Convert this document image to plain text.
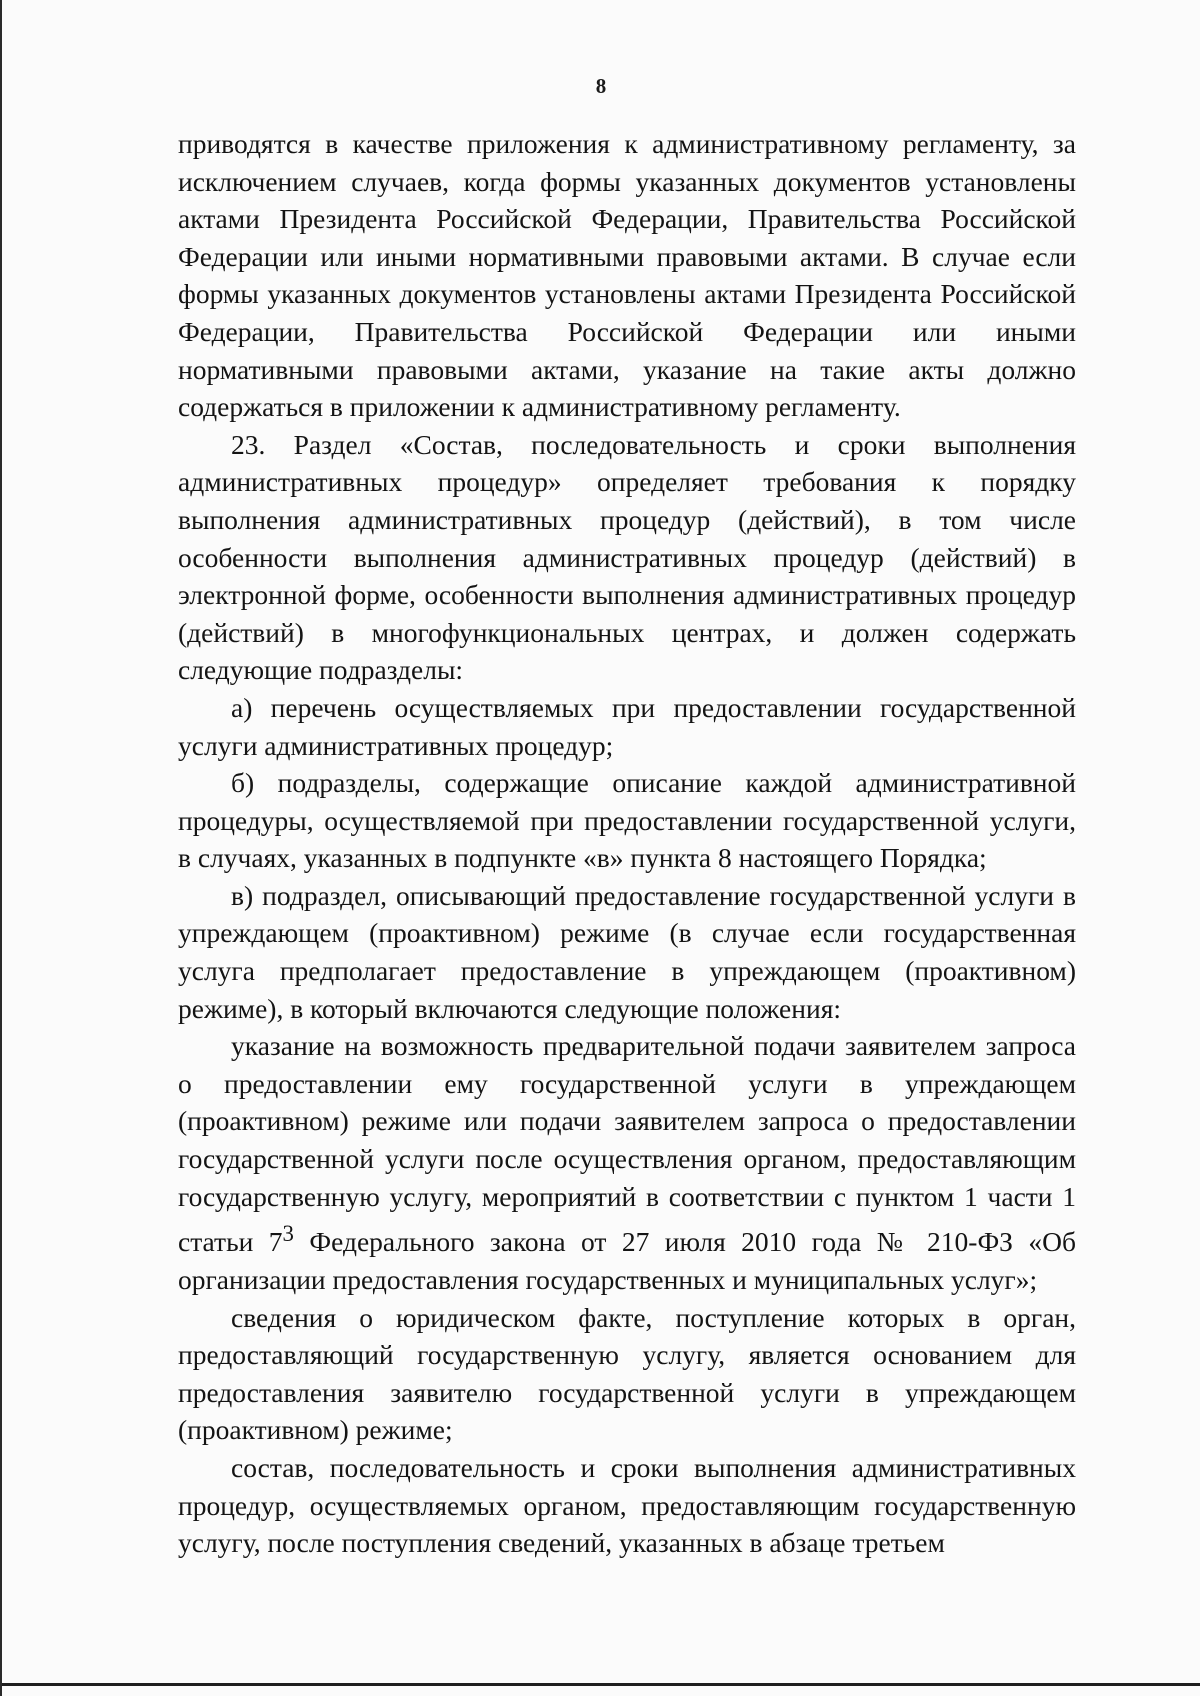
8

приводятся в качестве приложения к административному регламенту, за исключением случаев, когда формы указанных документов установлены актами Президента Российской Федерации, Правительства Российской Федерации или иными нормативными правовыми актами. В случае если формы указанных документов установлены актами Президента Российской Федерации, Правительства Российской Федерации или иными нормативными правовыми актами, указание на такие акты должно содержаться в приложении к административному регламенту.

23. Раздел «Состав, последовательность и сроки выполнения административных процедур» определяет требования к порядку выполнения административных процедур (действий), в том числе особенности выполнения административных процедур (действий) в электронной форме, особенности выполнения административных процедур (действий) в многофункциональных центрах, и должен содержать следующие подразделы:

а) перечень осуществляемых при предоставлении государственной услуги административных процедур;

б) подразделы, содержащие описание каждой административной процедуры, осуществляемой при предоставлении государственной услуги, в случаях, указанных в подпункте «в» пункта 8 настоящего Порядка;

в) подраздел, описывающий предоставление государственной услуги в упреждающем (проактивном) режиме (в случае если государственная услуга предполагает предоставление в упреждающем (проактивном) режиме), в который включаются следующие положения:

указание на возможность предварительной подачи заявителем запроса о предоставлении ему государственной услуги в упреждающем (проактивном) режиме или подачи заявителем запроса о предоставлении государственной услуги после осуществления органом, предоставляющим государственную услугу, мероприятий в соответствии с пунктом 1 части 1 статьи $7^3$ Федерального закона от 27 июля 2010 года № 210-ФЗ «Об организации предоставления государственных и муниципальных услуг»;

сведения о юридическом факте, поступление которых в орган, предоставляющий государственную услугу, является основанием для предоставления заявителю государственной услуги в упреждающем (проактивном) режиме;

состав, последовательность и сроки выполнения административных процедур, осуществляемых органом, предоставляющим государственную услугу, после поступления сведений, указанных в абзаце третьем
